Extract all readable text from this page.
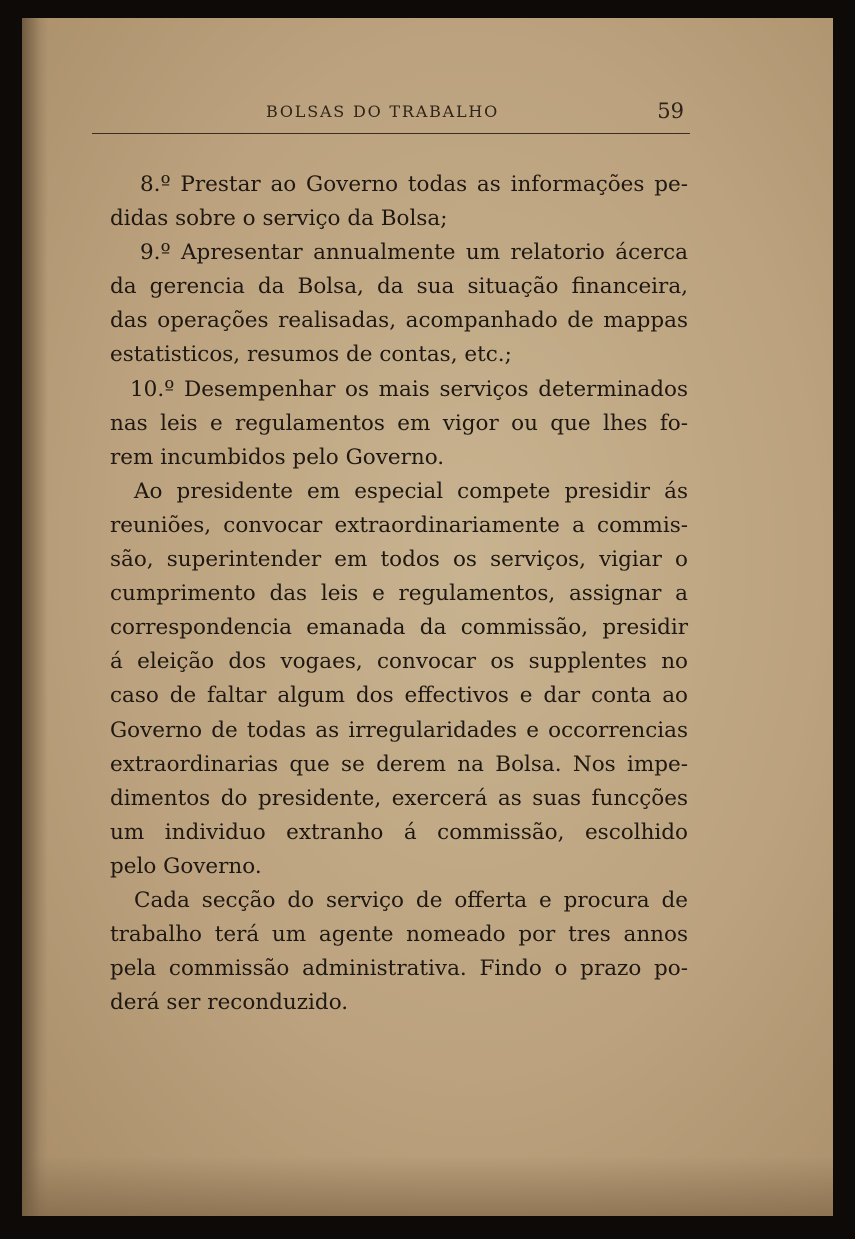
BOLSAS DO TRABALHO	59
8.º Prestar ao Governo todas as informações pe-
didas sobre o serviço da Bolsa;
9.º Apresentar annualmente um relatorio ácerca
da gerencia da Bolsa, da sua situação financeira,
das operações realisadas, acompanhado de mappas
estatisticos, resumos de contas, etc.;
10.º Desempenhar os mais serviços determinados
nas leis e regulamentos em vigor ou que lhes fo-
rem incumbidos pelo Governo.
Ao presidente em especial compete presidir ás
reuniões, convocar extraordinariamente a commis-
são, superintender em todos os serviços, vigiar o
cumprimento das leis e regulamentos, assignar a
correspondencia emanada da commissão, presidir
á eleição dos vogaes, convocar os supplentes no
caso de faltar algum dos effectivos e dar conta ao
Governo de todas as irregularidades e occorrencias
extraordinarias que se derem na Bolsa. Nos impe-
dimentos do presidente, exercerá as suas funcções
um individuo extranho á commissão, escolhido
pelo Governo.
Cada secção do serviço de offerta e procura de
trabalho terá um agente nomeado por tres annos
pela commissão administrativa. Findo o prazo po-
derá ser reconduzido.
